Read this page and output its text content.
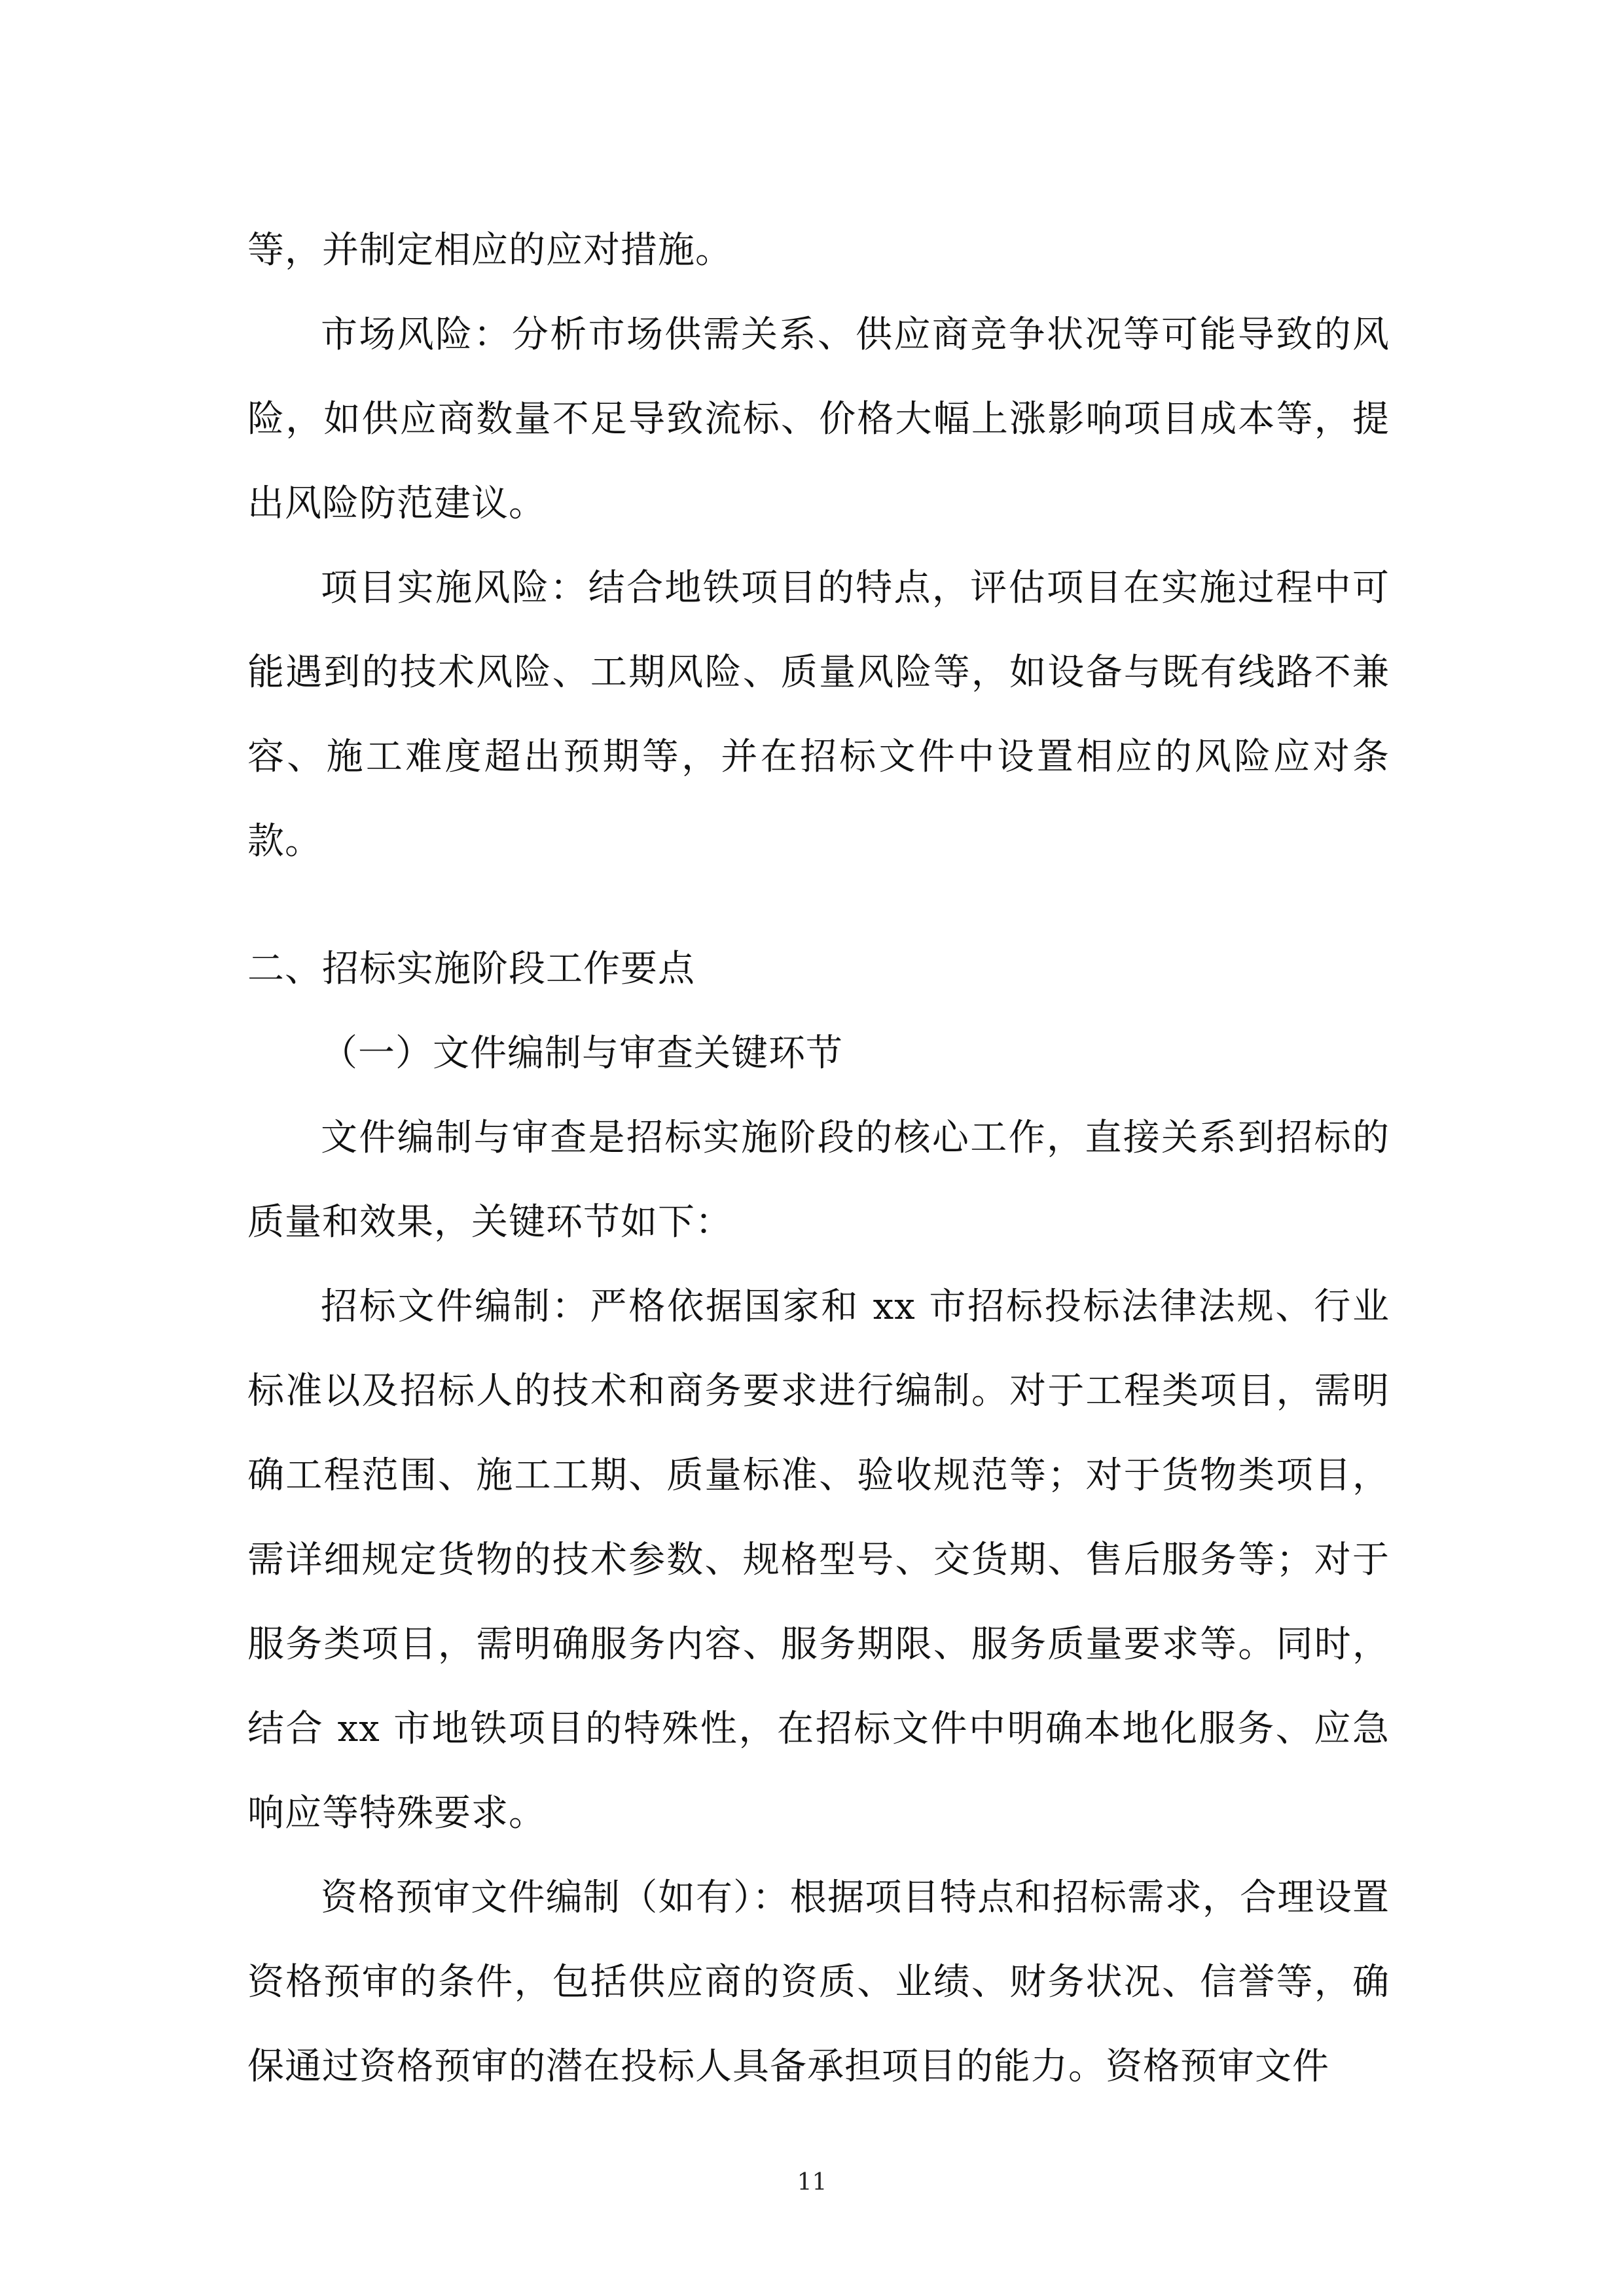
等，并制定相应的应对措施。

市场风险：分析市场供需关系、供应商竞争状况等可能导致的风险，如供应商数量不足导致流标、价格大幅上涨影响项目成本等，提出风险防范建议。

项目实施风险：结合地铁项目的特点，评估项目在实施过程中可能遇到的技术风险、工期风险、质量风险等，如设备与既有线路不兼容、施工难度超出预期等，并在招标文件中设置相应的风险应对条款。

二、招标实施阶段工作要点

（一）文件编制与审查关键环节

文件编制与审查是招标实施阶段的核心工作，直接关系到招标的质量和效果，关键环节如下：

招标文件编制：严格依据国家和 xx 市招标投标法律法规、行业标准以及招标人的技术和商务要求进行编制。对于工程类项目，需明确工程范围、施工工期、质量标准、验收规范等；对于货物类项目，需详细规定货物的技术参数、规格型号、交货期、售后服务等；对于服务类项目，需明确服务内容、服务期限、服务质量要求等。同时，结合 xx 市地铁项目的特殊性，在招标文件中明确本地化服务、应急响应等特殊要求。

资格预审文件编制（如有）：根据项目特点和招标需求，合理设置资格预审的条件，包括供应商的资质、业绩、财务状况、信誉等，确保通过资格预审的潜在投标人具备承担项目的能力。资格预审文件

11
